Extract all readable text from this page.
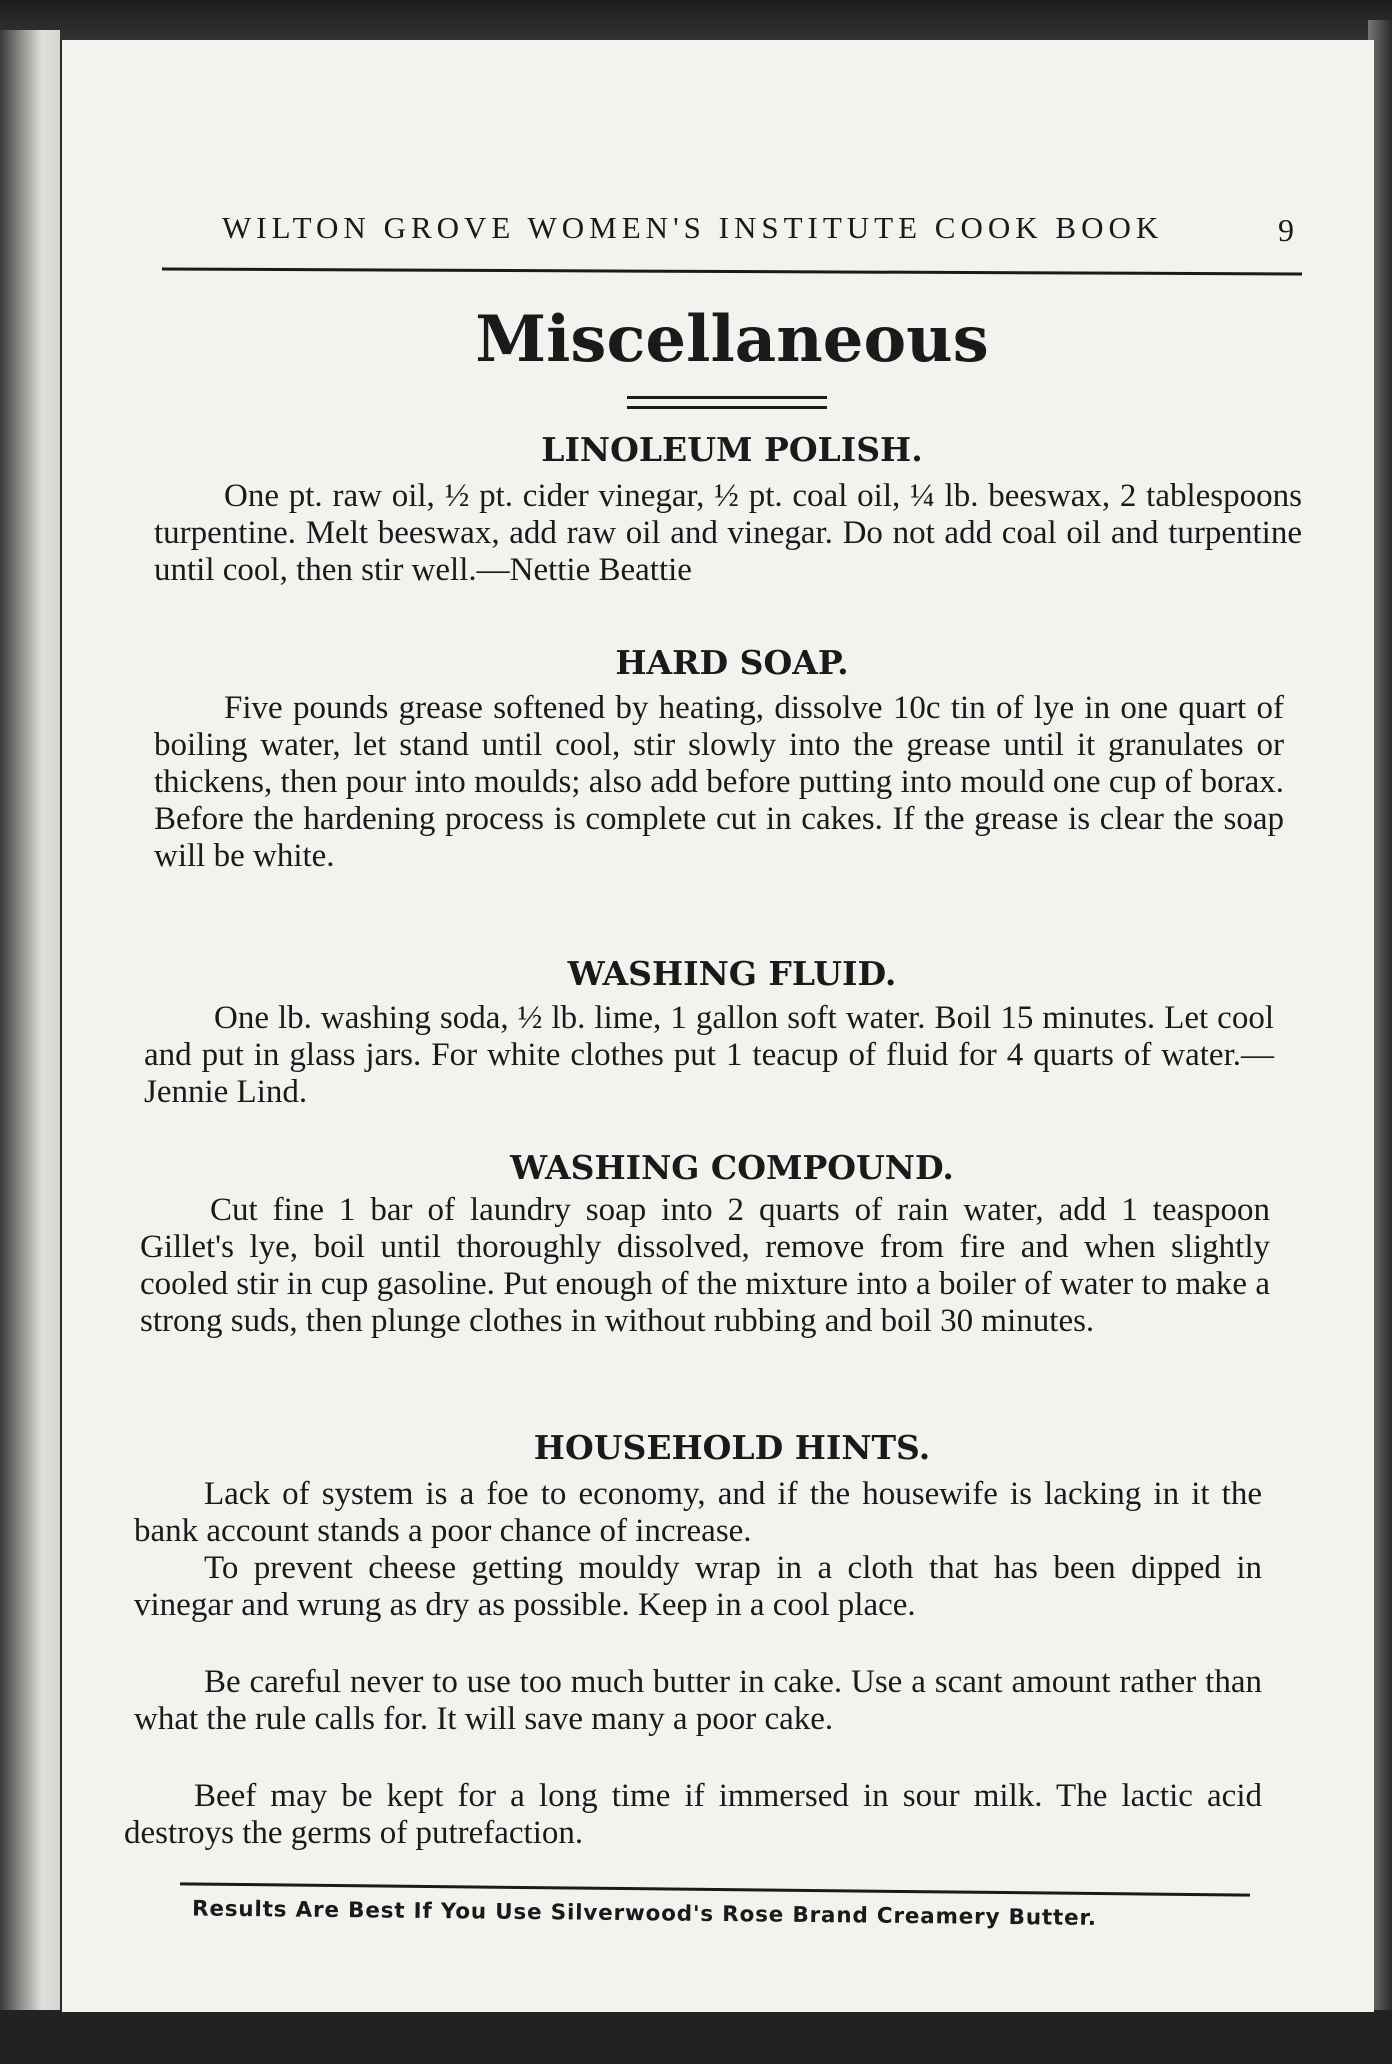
WILTON GROVE WOMEN'S INSTITUTE COOK BOOK	9
Miscellaneous
LINOLEUM POLISH.

One pt. raw oil, ½ pt. cider vinegar, ½ pt. coal oil, ¼ lb. beeswax, 2 tablespoons turpentine. Melt beeswax, add raw oil and vinegar. Do not add coal oil and turpentine until cool, then stir well.—Nettie Beattie

HARD SOAP.

Five pounds grease softened by heating, dissolve 10c tin of lye in one quart of boiling water, let stand until cool, stir slowly into the grease until it granulates or thickens, then pour into moulds; also add before putting into mould one cup of borax. Before the hardening process is complete cut in cakes. If the grease is clear the soap will be white.

WASHING FLUID.

One lb. washing soda, ½ lb. lime, 1 gallon soft water. Boil 15 minutes. Let cool and put in glass jars. For white clothes put 1 teacup of fluid for 4 quarts of water.—Jennie Lind.

WASHING COMPOUND.

Cut fine 1 bar of laundry soap into 2 quarts of rain water, add 1 teaspoon Gillet's lye, boil until thoroughly dissolved, remove from fire and when slightly cooled stir in cup gasoline. Put enough of the mixture into a boiler of water to make a strong suds, then plunge clothes in without rubbing and boil 30 minutes.

HOUSEHOLD HINTS.

Lack of system is a foe to economy, and if the housewife is lacking in it the bank account stands a poor chance of increase.

To prevent cheese getting mouldy wrap in a cloth that has been dipped in vinegar and wrung as dry as possible. Keep in a cool place.

Be careful never to use too much butter in cake. Use a scant amount rather than what the rule calls for. It will save many a poor cake.

Beef may be kept for a long time if immersed in sour milk. The lactic acid destroys the germs of putrefaction.

Results Are Best If You Use Silverwood's Rose Brand Creamery Butter.
